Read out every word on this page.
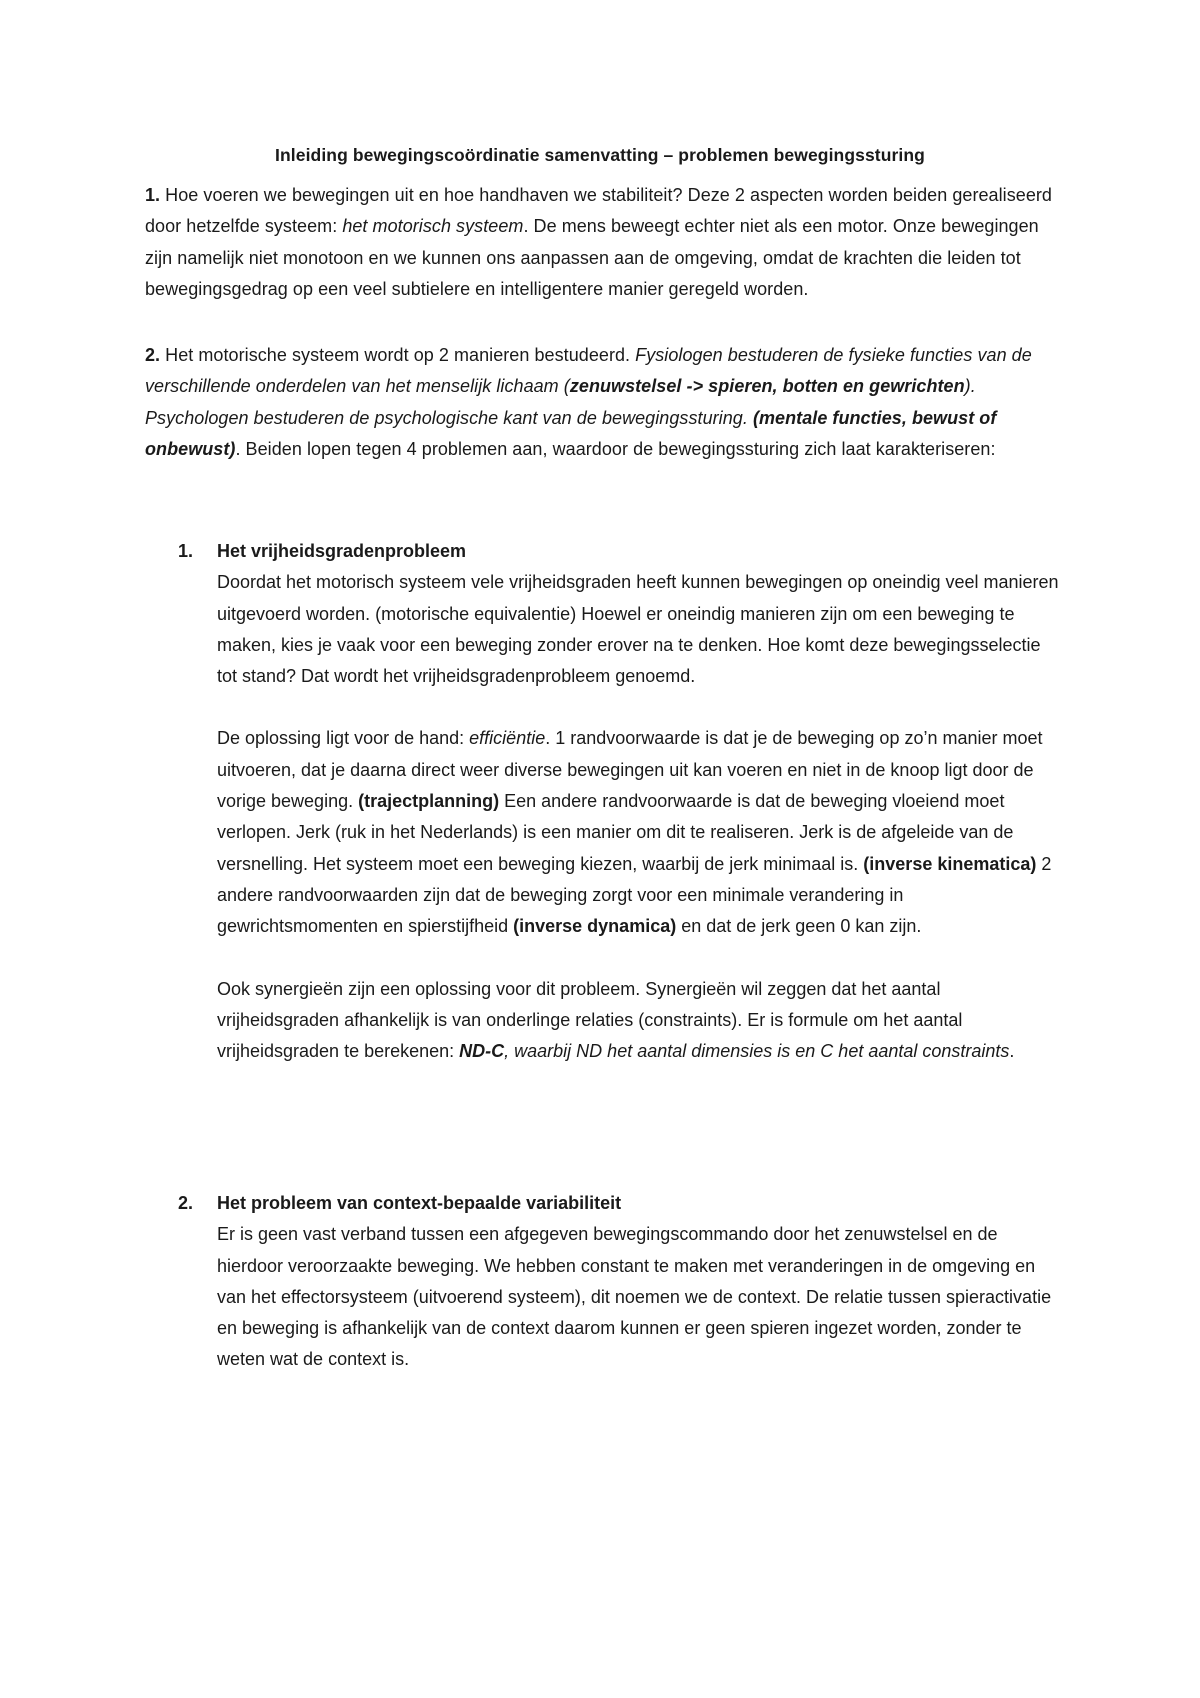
Inleiding bewegingscoördinatie samenvatting – problemen bewegingssturing

1. Hoe voeren we bewegingen uit en hoe handhaven we stabiliteit? Deze 2 aspecten worden beiden gerealiseerd door hetzelfde systeem: het motorisch systeem. De mens beweegt echter niet als een motor. Onze bewegingen zijn namelijk niet monotoon en we kunnen ons aanpassen aan de omgeving, omdat de krachten die leiden tot bewegingsgedrag op een veel subtielere en intelligentere manier geregeld worden.

2. Het motorische systeem wordt op 2 manieren bestudeerd. Fysiologen bestuderen de fysieke functies van de verschillende onderdelen van het menselijk lichaam (zenuwstelsel -> spieren, botten en gewrichten). Psychologen bestuderen de psychologische kant van de bewegingssturing. (mentale functies, bewust of onbewust). Beiden lopen tegen 4 problemen aan, waardoor de bewegingssturing zich laat karakteriseren:

1. Het vrijheidsgradenprobleem

Doordat het motorisch systeem vele vrijheidsgraden heeft kunnen bewegingen op oneindig veel manieren uitgevoerd worden. (motorische equivalentie) Hoewel er oneindig manieren zijn om een beweging te maken, kies je vaak voor een beweging zonder erover na te denken. Hoe komt deze bewegingsselectie tot stand? Dat wordt het vrijheidsgradenprobleem genoemd.

De oplossing ligt voor de hand: efficiëntie. 1 randvoorwaarde is dat je de beweging op zo’n manier moet uitvoeren, dat je daarna direct weer diverse bewegingen uit kan voeren en niet in de knoop ligt door de vorige beweging. (trajectplanning) Een andere randvoorwaarde is dat de beweging vloeiend moet verlopen. Jerk (ruk in het Nederlands) is een manier om dit te realiseren. Jerk is de afgeleide van de versnelling. Het systeem moet een beweging kiezen, waarbij de jerk minimaal is. (inverse kinematica) 2 andere randvoorwaarden zijn dat de beweging zorgt voor een minimale verandering in gewrichtsmomenten en spierstijfheid (inverse dynamica) en dat de jerk geen 0 kan zijn.

Ook synergieën zijn een oplossing voor dit probleem. Synergieën wil zeggen dat het aantal vrijheidsgraden afhankelijk is van onderlinge relaties (constraints). Er is formule om het aantal vrijheidsgraden te berekenen: ND-C, waarbij ND het aantal dimensies is en C het aantal constraints.

2. Het probleem van context-bepaalde variabiliteit

Er is geen vast verband tussen een afgegeven bewegingscommando door het zenuwstelsel en de hierdoor veroorzaakte beweging. We hebben constant te maken met veranderingen in de omgeving en van het effectorsysteem (uitvoerend systeem), dit noemen we de context. De relatie tussen spieractivatie en beweging is afhankelijk van de context daarom kunnen er geen spieren ingezet worden, zonder te weten wat de context is.
